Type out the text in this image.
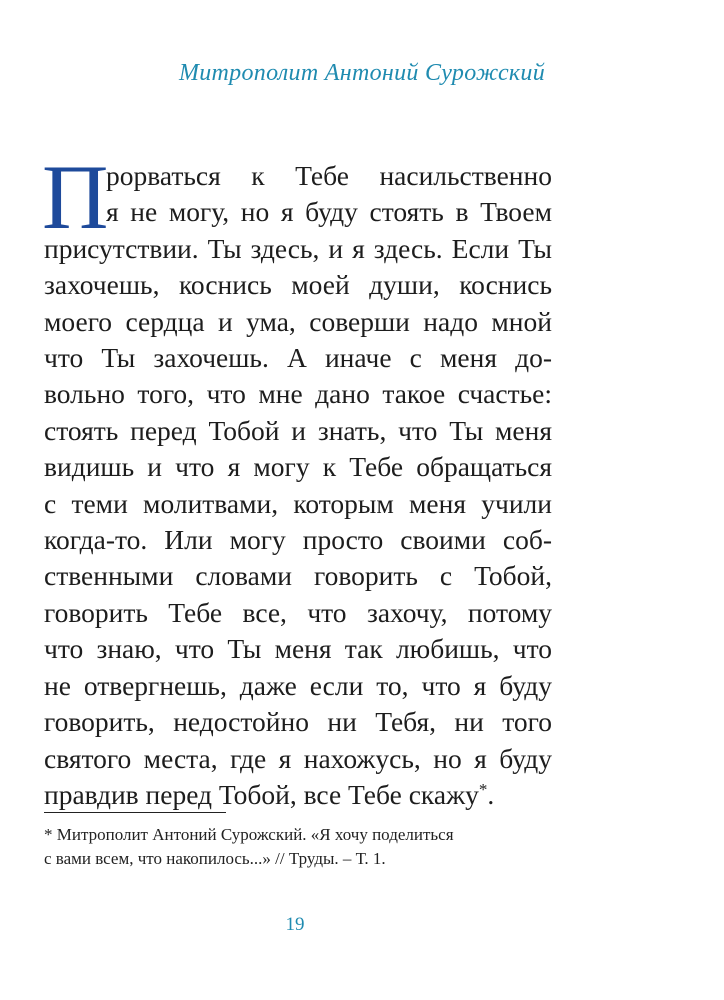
Митрополит Антоний Сурожский
П
рорваться к Тебе насильственно
я не могу, но я буду стоять в Твоем
присутствии. Ты здесь, и я здесь. Если Ты
захочешь, коснись моей души, коснись
моего сердца и ума, соверши надо мной
что Ты захочешь. А иначе с меня до-
вольно того, что мне дано такое счастье:
стоять перед Тобой и знать, что Ты меня
видишь и что я могу к Тебе обращаться
с теми молитвами, которым меня учили
когда-то. Или могу просто своими соб-
ственными словами говорить с Тобой,
говорить Тебе все, что захочу, потому
что знаю, что Ты меня так любишь, что
не отвергнешь, даже если то, что я буду
говорить, недостойно ни Тебя, ни того
святого места, где я нахожусь, но я буду
правдив перед Тобой, все Тебе скажу*.
* Митрополит Антоний Сурожский. «Я хочу поделиться
с вами всем, что накопилось...» // Труды. – Т. 1.
19
